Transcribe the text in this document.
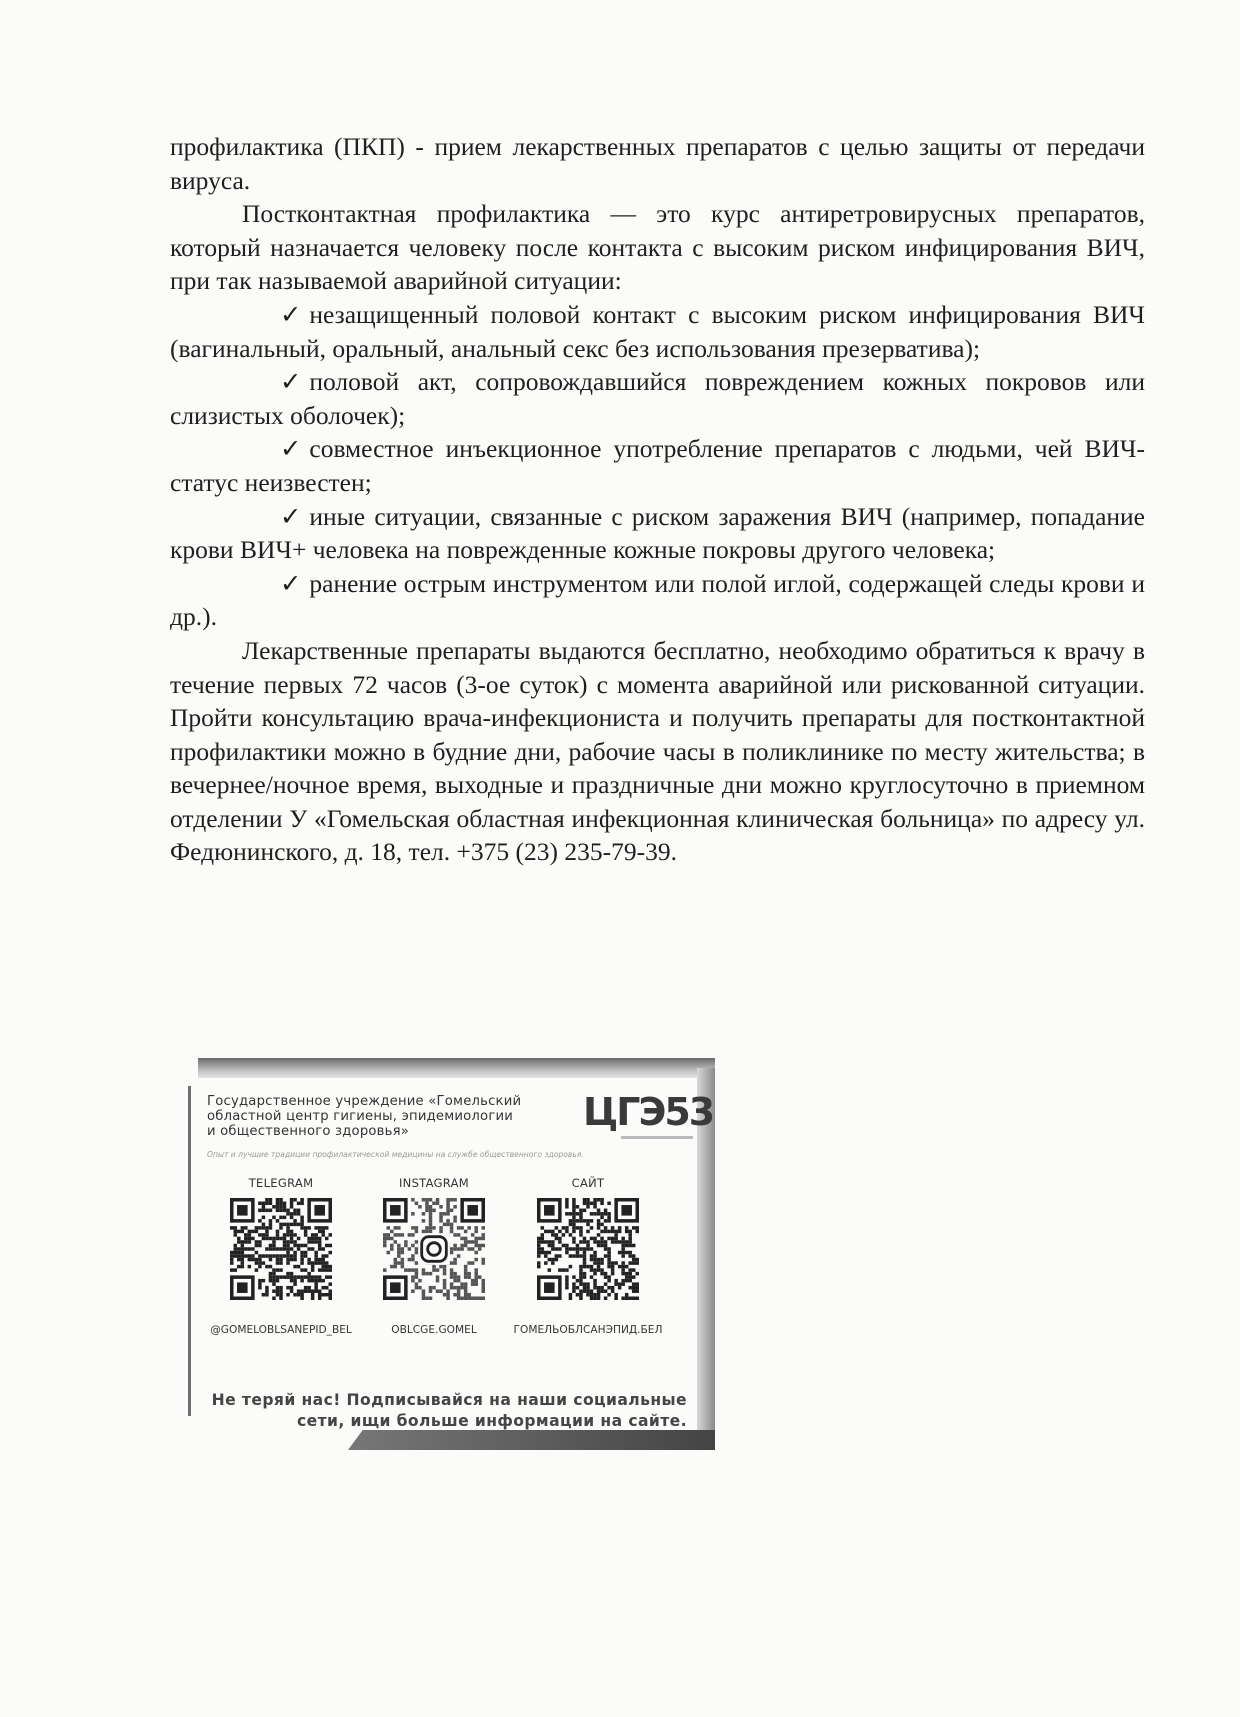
профилактика (ПКП) - прием лекарственных препаратов с целью защиты от передачи вируса.

Постконтактная профилактика — это курс антиретровирусных препаратов, который назначается человеку после контакта с высоким риском инфицирования ВИЧ, при так называемой аварийной ситуации:

✓ незащищенный половой контакт с высоким риском инфицирования ВИЧ (вагинальный, оральный, анальный секс без использования презерватива);

✓ половой акт, сопровождавшийся повреждением кожных покровов или слизистых оболочек);

✓ совместное инъекционное употребление препаратов с людьми, чей ВИЧ-статус неизвестен;

✓ иные ситуации, связанные с риском заражения ВИЧ (например, попадание крови ВИЧ+ человека на поврежденные кожные покровы другого человека;

✓ ранение острым инструментом или полой иглой, содержащей следы крови и др.).

Лекарственные препараты выдаются бесплатно, необходимо обратиться к врачу в течение первых 72 часов (3-ое суток) с момента аварийной или рискованной ситуации. Пройти консультацию врача-инфекциониста и получить препараты для постконтактной профилактики можно в будние дни, рабочие часы в поликлинике по месту жительства; в вечернее/ночное время, выходные и праздничные дни можно круглосуточно в приемном отделении У «Гомельская областная инфекционная клиническая больница» по адресу ул. Федюнинского, д. 18, тел. +375 (23) 235-79-39.

Государственное учреждение «Гомельский
областной центр гигиены, эпидемиологии
и общественного здоровья»	ЦГЭ53
Опыт и лучшие традиции профилактической медицины на службе общественного здоровья.
TELEGRAM
@GOMELOBLSANEPID_BEL
INSTAGRAM
OBLCGE.GOMEL
САЙТ
ГОМЕЛЬОБЛСАНЭПИД.БЕЛ
Не теряй нас! Подписывайся на наши социальные
сети, ищи больше информации на сайте.
